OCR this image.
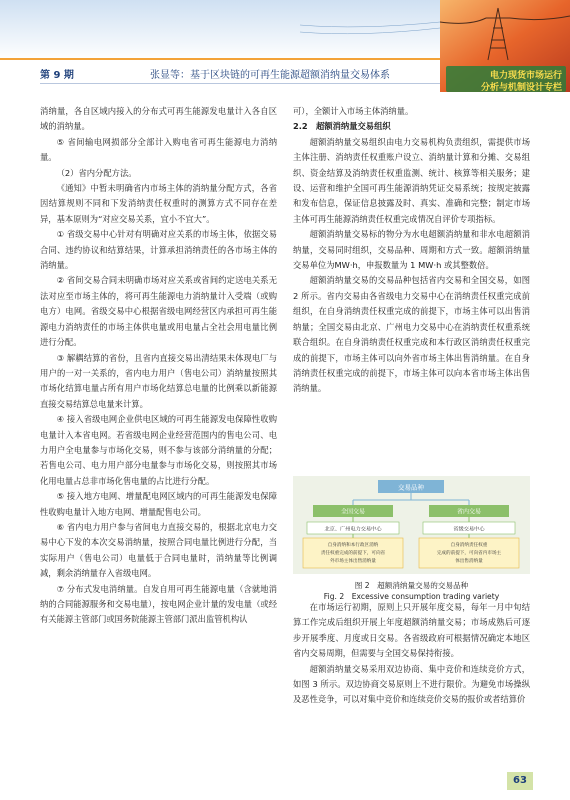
第 9 期	张显等：基于区块链的可再生能源超额消纳量交易体系	电力现货市场运行
分析与机制设计专栏

消纳量，各自区域内接入的分布式可再生能源发电量计入各自区域的消纳量。

⑤ 省间输电网损部分全部计入购电省可再生能源电力消纳量。

（2）省内分配方法。

《通知》中暂未明确省内市场主体的消纳量分配方式，各省因结算规则不同和下发消纳责任权重时的测算方式不同存在差异，基本原则为“对应交易关系，宜小不宜大”。

① 省级交易中心针对有明确对应关系的市场主体，依据交易合同、违约协议和结算结果，计算承担消纳责任的各市场主体的消纳量。

② 省间交易合同未明确市场对应关系或省间约定送电关系无法对应至市场主体的，将可再生能源电力消纳量计入受端（或购电方）电网。省级交易中心根据省级电网经营区内承担可再生能源电力消纳责任的市场主体供电量或用电量占全社会用电量比例进行分配。

③ 解耦结算的省份，且省内直接交易出清结果未体现电厂与用户的一对一关系的，省内电力用户（售电公司）消纳量按照其市场化结算电量占所有用户市场化结算总电量的比例乘以新能源直接交易结算总电量来计算。

④ 接入省级电网企业供电区域的可再生能源发电保障性收购电量计入本省电网。若省级电网企业经营范围内的售电公司、电力用户全电量参与市场化交易，则不参与该部分消纳量的分配；若售电公司、电力用户部分电量参与市场化交易，则按照其市场化用电量占总非市场化售电量的占比进行分配。

⑤ 接入地方电网、增量配电网区域内的可再生能源发电保障性收购电量计入地方电网、增量配售电公司。

⑥ 省内电力用户参与省间电力直接交易的，根据北京电力交易中心下发的本次交易消纳量，按照合同电量比例进行分配，当实际用户（售电公司）电量低于合同电量时，消纳量等比例调减，剩余消纳量存入省级电网。

⑦ 分布式发电消纳量。自发自用可再生能源电量（含就地消纳的合同能源服务和交易电量），按电网企业计量的发电量（或经有关能源主管部门或国务院能源主管部门派出监管机构认

可），全额计入市场主体消纳量。

2.2　超额消纳量交易组织

超额消纳量交易组织由电力交易机构负责组织，需提供市场主体注册、消纳责任权重账户设立、消纳量计算和分摊、交易组织、资金结算及消纳责任权重监测、统计、核算等相关服务；建设、运营和维护全国可再生能源消纳凭证交易系统；按规定披露和发布信息，保证信息披露及时、真实、准确和完整；制定市场主体可再生能源消纳责任权重完成情况自评价专项指标。

超额消纳量交易标的物分为水电超额消纳量和非水电超额消纳量，交易同时组织，交易品种、周期和方式一致。超额消纳量交易单位为MW·h，申报数量为 1 MW·h 或其整数倍。

超额消纳量交易的交易品种包括省内交易和全国交易，如图 2 所示。省内交易由各省级电力交易中心在消纳责任权重完成前组织，在自身消纳责任权重完成的前提下，市场主体可以出售消纳量；全国交易由北京、广州电力交易中心在消纳责任权重系统联合组织。在自身消纳责任权重完成和本行政区消纳责任权重完成的前提下，市场主体可以向外省市场主体出售消纳量。在自身消纳责任权重完成的前提下，市场主体可以向本省市场主体出售消纳量。

交易品种
全国交易	省内交易
北京、广州电力交易中心	省级交易中心
自身消纳和本行政区消纳
责任权重完成的前提下，可向省
外市场主体出售消纳量
自身消纳责任权重
完成的前提下，可向省内市场主
体出售消纳量
图 2　超额消纳量交易的交易品种
Fig. 2　Excessive consumption trading variety

在市场运行初期，原则上只开展年度交易，每年一月中旬结算工作完成后组织开展上年度超额消纳量交易；市场成熟后可逐步开展季度、月度或日交易。各省级政府可根据情况确定本地区省内交易周期，但需要与全国交易保持衔接。

超额消纳量交易采用双边协商、集中竞价和连续竞价方式，如图 3 所示。双边协商交易原则上不进行限价。为避免市场操纵及恶性竞争，可以对集中竞价和连续竞价交易的报价或者结算价

63
